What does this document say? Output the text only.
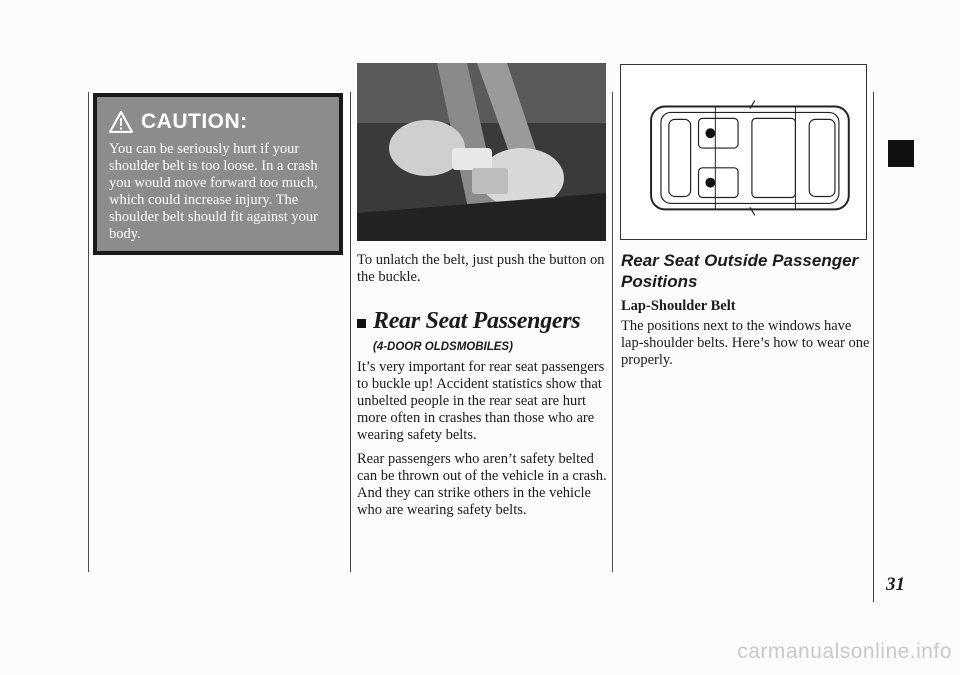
CAUTION:
You can be seriously hurt if your shoulder belt is too loose. In a crash you would move forward too much, which could increase injury. The shoulder belt should fit against your body.

To unlatch the belt, just push the button on the buckle.

Rear Seat Passengers
(4-DOOR OLDSMOBILES)

It’s very important for rear seat passengers to buckle up! Accident statistics show that unbelted people in the rear seat are hurt more often in crashes than those who are wearing safety belts.

Rear passengers who aren’t safety belted can be thrown out of the vehicle in a crash. And they can strike others in the vehicle who are wearing safety belts.

Rear Seat Outside Passenger Positions
Lap-Shoulder Belt

The positions next to the windows have lap-shoulder belts. Here’s how to wear one properly.

31
carmanualsonline.info
